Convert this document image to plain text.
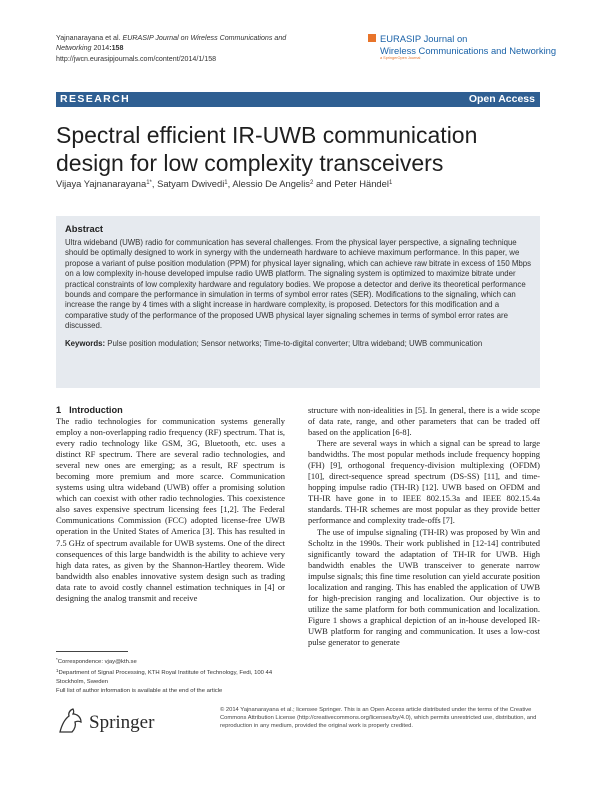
Yajnanarayana et al. EURASIP Journal on Wireless Communications and Networking 2014:158
http://jwcn.eurasipjournals.com/content/2014/1/158
EURASIP Journal on
Wireless Communications and Networking
a SpringerOpen Journal
RESEARCH	Open Access
Spectral efficient IR-UWB communication design for low complexity transceivers
Vijaya Yajnanarayana$^{1*}$, Satyam Dwivedi$^1$, Alessio De Angelis$^2$ and Peter Händel$^1$
Abstract
Ultra wideband (UWB) radio for communication has several challenges. From the physical layer perspective, a signaling technique should be optimally designed to work in synergy with the underneath hardware to achieve maximum performance. In this paper, we propose a variant of pulse position modulation (PPM) for physical layer signaling, which can achieve raw bitrate in excess of 150 Mbps on a low complexity in-house developed impulse radio UWB platform. The signaling system is optimized to maximize bitrate under practical constraints of low complexity hardware and regulatory bodies. We propose a detector and derive its theoretical performance bounds and compare the performance in simulation in terms of symbol error rates (SER). Modifications to the signaling, which can increase the range by 4 times with a slight increase in hardware complexity, is proposed. Detectors for this modification and a comparative study of the performance of the proposed UWB physical layer signaling schemes in terms of symbol error rates are discussed.
Keywords: Pulse position modulation; Sensor networks; Time-to-digital converter; Ultra wideband; UWB communication
1 Introduction

The radio technologies for communication systems generally employ a non-overlapping radio frequency (RF) spectrum. That is, every radio technology like GSM, 3G, Bluetooth, etc. uses a distinct RF spectrum. There are several radio technologies, and several new ones are emerging; as a result, RF spectrum is becoming more premium and more scarce. Communication systems using ultra wideband (UWB) offer a promising solution which can coexist with other radio technologies. This coexistence also saves expensive spectrum licensing fees [1,2]. The Federal Communications Commission (FCC) adopted license-free UWB operation in the United States of America [3]. This has resulted in 7.5 GHz of spectrum available for UWB systems. One of the direct consequences of this large bandwidth is the ability to achieve very high data rates, as given by the Shannon-Hartley theorem. Wide bandwidth also enables innovative system design such as trading data rate to avoid costly channel estimation techniques in [4] or designing the analog transmit and receive

structure with non-idealities in [5]. In general, there is a wide scope of data rate, range, and other parameters that can be traded off based on the application [6-8].

There are several ways in which a signal can be spread to large bandwidths. The most popular methods include frequency hopping (FH) [9], orthogonal frequency-division multiplexing (OFDM) [10], direct-sequence spread spectrum (DS-SS) [11], and time-hopping impulse radio (TH-IR) [12]. UWB based on OFDM and TH-IR have gone in to IEEE 802.15.3a and IEEE 802.15.4a standards. TH-IR schemes are most popular as they provide better performance and complexity trade-offs [7].

The use of impulse signaling (TH-IR) was proposed by Win and Scholtz in the 1990s. Their work published in [12-14] contributed significantly toward the adaptation of TH-IR for UWB. High bandwidth enables the UWB transceiver to generate narrow impulse signals; this fine time resolution can yield accurate position localization and ranging. This has enabled the application of UWB for high-precision ranging and localization. Our objective is to utilize the same platform for both communication and localization. Figure 1 shows a graphical depiction of an in-house developed IR-UWB platform for ranging and communication. It uses a low-cost pulse generator to generate

*Correspondence: vjay@kth.se
$^1$Department of Signal Processing, KTH Royal Institute of Technology, Fedi, 100 44 Stockholm, Sweden
Full list of author information is available at the end of the article
Springer
© 2014 Yajnanarayana et al.; licensee Springer. This is an Open Access article distributed under the terms of the Creative Commons Attribution License (http://creativecommons.org/licenses/by/4.0), which permits unrestricted use, distribution, and reproduction in any medium, provided the original work is properly credited.
